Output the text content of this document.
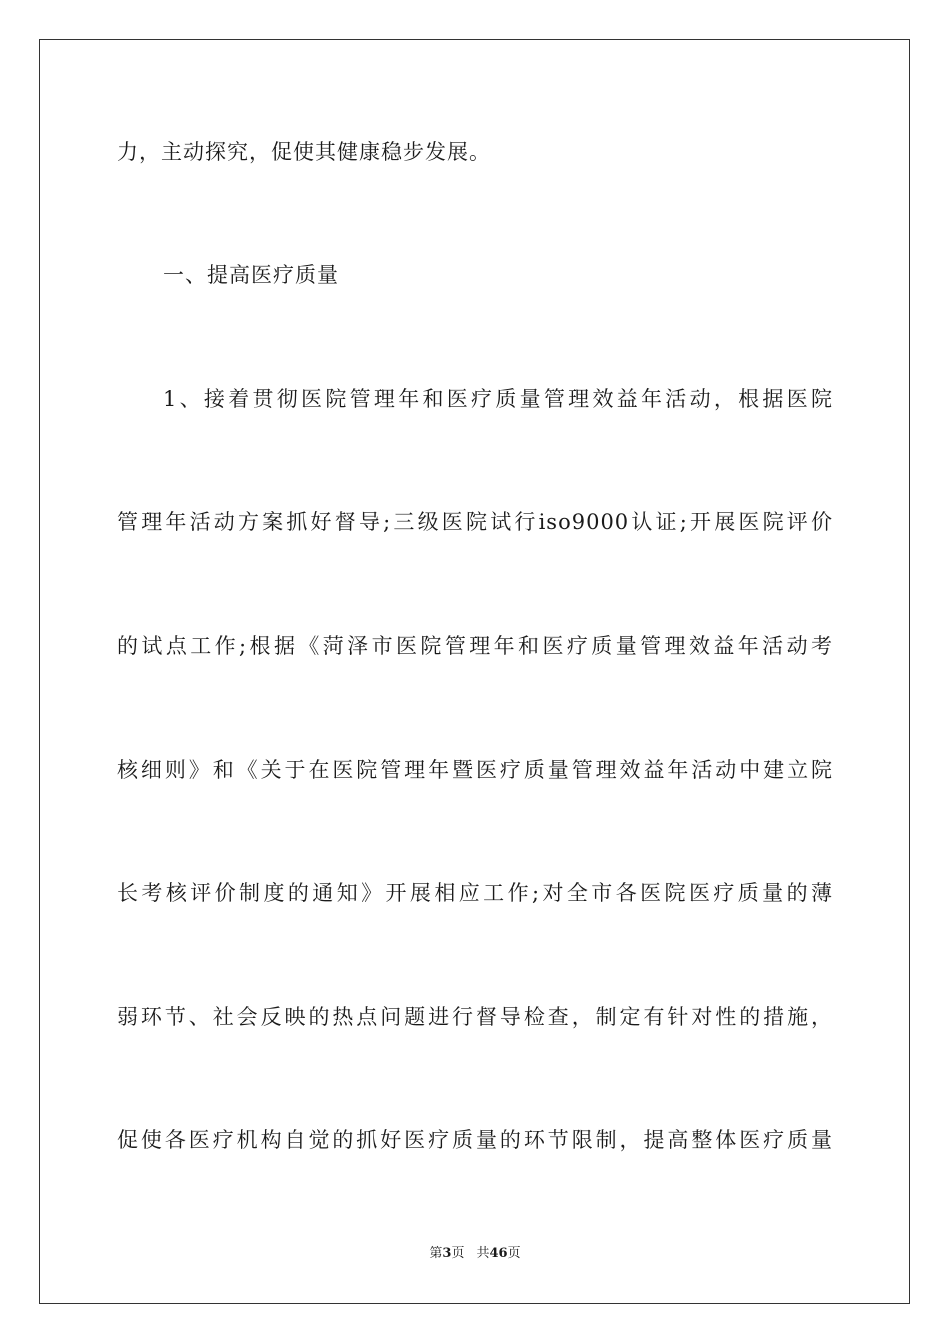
力，主动探究，促使其健康稳步发展。
一、提高医疗质量
1、接着贯彻医院管理年和医疗质量管理效益年活动，根据医院
管理年活动方案抓好督导;三级医院试行iso9000认证;开展医院评价
的试点工作;根据《菏泽市医院管理年和医疗质量管理效益年活动考
核细则》和《关于在医院管理年暨医疗质量管理效益年活动中建立院
长考核评价制度的通知》开展相应工作;对全市各医院医疗质量的薄
弱环节、社会反映的热点问题进行督导检查，制定有针对性的措施，
促使各医疗机构自觉的抓好医疗质量的环节限制，提高整体医疗质量
第3页 共46页
